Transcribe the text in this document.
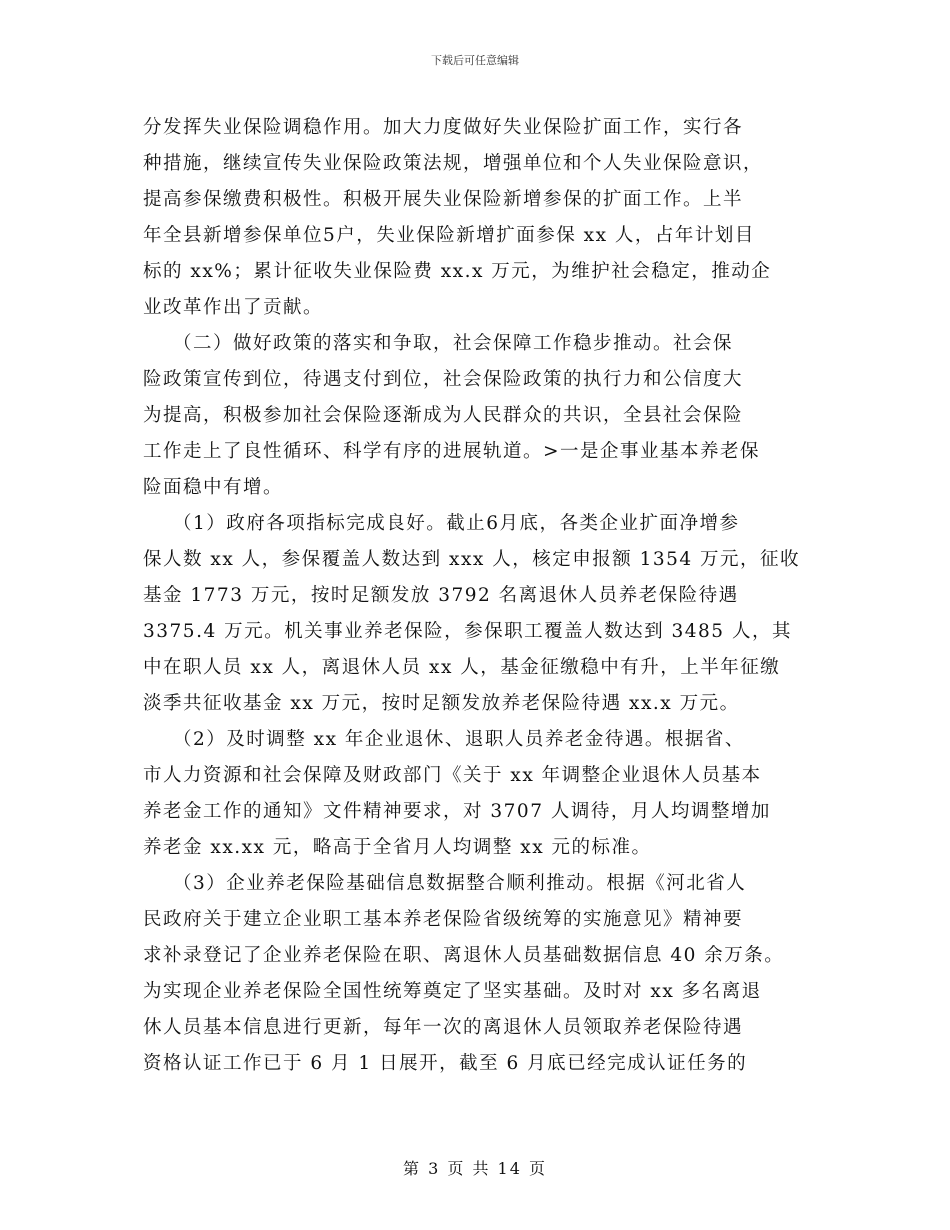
下载后可任意编辑
分发挥失业保险调稳作用。加大力度做好失业保险扩面工作，实行各
种措施，继续宣传失业保险政策法规，增强单位和个人失业保险意识，
提高参保缴费积极性。积极开展失业保险新增参保的扩面工作。上半
年全县新增参保单位5户，失业保险新增扩面参保 xx 人，占年计划目
标的 xx%；累计征收失业保险费 xx.x 万元，为维护社会稳定，推动企
业改革作出了贡献。
（二）做好政策的落实和争取，社会保障工作稳步推动。社会保
险政策宣传到位，待遇支付到位，社会保险政策的执行力和公信度大
为提高，积极参加社会保险逐渐成为人民群众的共识，全县社会保险
工作走上了良性循环、科学有序的进展轨道。>一是企事业基本养老保
险面稳中有增。
（1）政府各项指标完成良好。截止6月底，各类企业扩面净增参
保人数 xx 人，参保覆盖人数达到 xxx 人，核定申报额 1354 万元，征收
基金 1773 万元，按时足额发放 3792 名离退休人员养老保险待遇
3375.4 万元。机关事业养老保险，参保职工覆盖人数达到 3485 人，其
中在职人员 xx 人，离退休人员 xx 人，基金征缴稳中有升，上半年征缴
淡季共征收基金 xx 万元，按时足额发放养老保险待遇 xx.x 万元。
（2）及时调整 xx 年企业退休、退职人员养老金待遇。根据省、
市人力资源和社会保障及财政部门《关于 xx 年调整企业退休人员基本
养老金工作的通知》文件精神要求，对 3707 人调待，月人均调整增加
养老金 xx.xx 元，略高于全省月人均调整 xx 元的标准。
（3）企业养老保险基础信息数据整合顺利推动。根据《河北省人
民政府关于建立企业职工基本养老保险省级统筹的实施意见》精神要
求补录登记了企业养老保险在职、离退休人员基础数据信息 40 余万条。
为实现企业养老保险全国性统筹奠定了坚实基础。及时对 xx 多名离退
休人员基本信息进行更新，每年一次的离退休人员领取养老保险待遇
资格认证工作已于 6 月 1 日展开，截至 6 月底已经完成认证任务的
第 3 页 共 14 页
